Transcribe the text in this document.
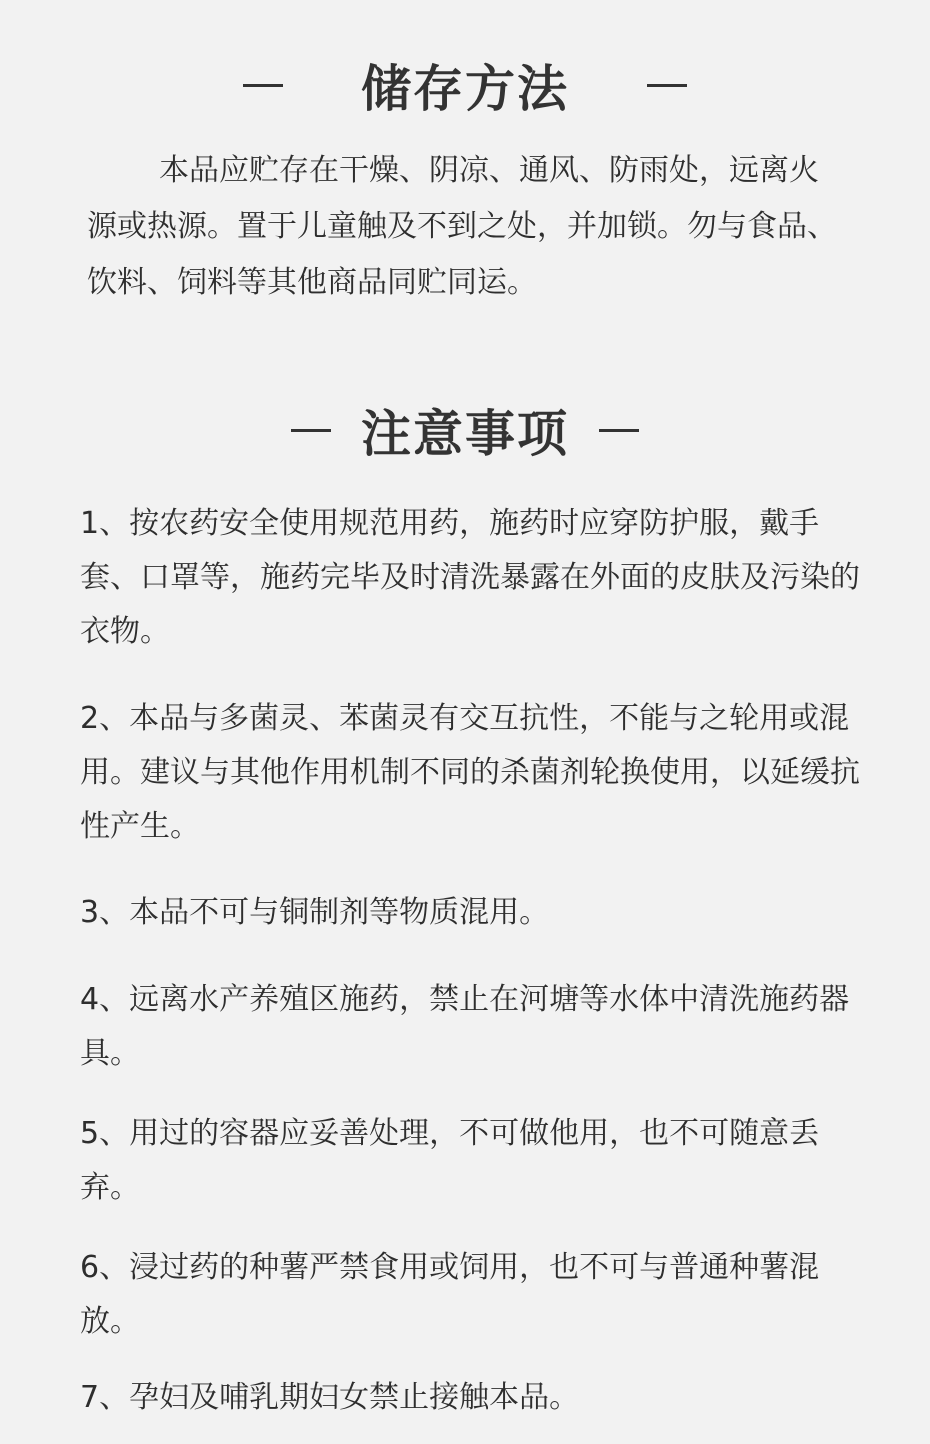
储存方法

本品应贮存在干燥、阴凉、通风、防雨处，远离火源或热源。置于儿童触及不到之处，并加锁。勿与食品、饮料、饲料等其他商品同贮同运。

注意事项

1、按农药安全使用规范用药，施药时应穿防护服，戴手套、口罩等，施药完毕及时清洗暴露在外面的皮肤及污染的衣物。

2、本品与多菌灵、苯菌灵有交互抗性，不能与之轮用或混用。建议与其他作用机制不同的杀菌剂轮换使用，以延缓抗性产生。

3、本品不可与铜制剂等物质混用。

4、远离水产养殖区施药，禁止在河塘等水体中清洗施药器具。

5、用过的容器应妥善处理，不可做他用，也不可随意丢弃。

6、浸过药的种薯严禁食用或饲用，也不可与普通种薯混放。

7、孕妇及哺乳期妇女禁止接触本品。
